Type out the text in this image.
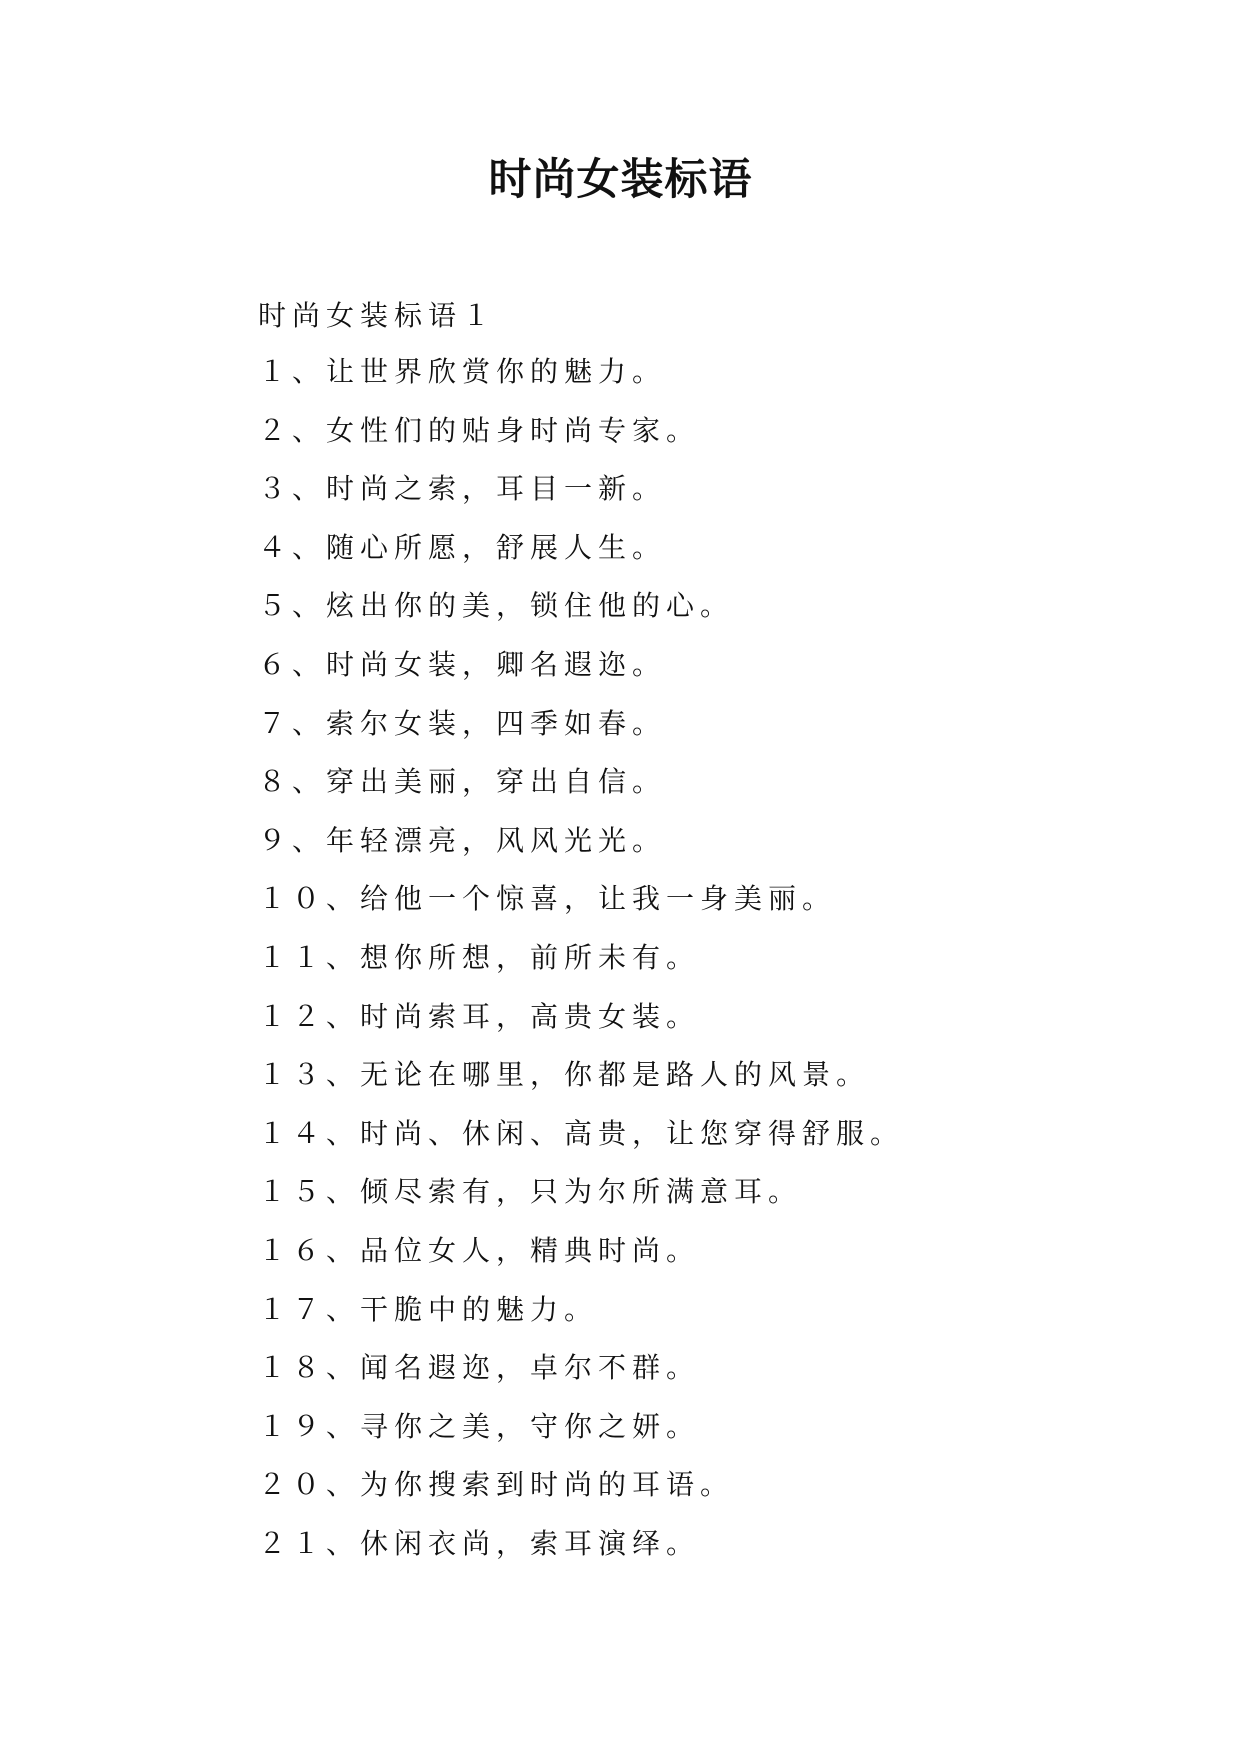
时尚女装标语
时尚女装标语１
１、让世界欣赏你的魅力。
２、女性们的贴身时尚专家。
３、时尚之索，耳目一新。
４、随心所愿，舒展人生。
５、炫出你的美，锁住他的心。
６、时尚女装，卿名遐迩。
７、索尔女装，四季如春。
８、穿出美丽，穿出自信。
９、年轻漂亮，风风光光。
１０、给他一个惊喜，让我一身美丽。
１１、想你所想，前所未有。
１２、时尚索耳，高贵女装。
１３、无论在哪里，你都是路人的风景。
１４、时尚、休闲、高贵，让您穿得舒服。
１５、倾尽索有，只为尔所满意耳。
１６、品位女人，精典时尚。
１７、干脆中的魅力。
１８、闻名遐迩，卓尔不群。
１９、寻你之美，守你之妍。
２０、为你搜索到时尚的耳语。
２１、休闲衣尚，索耳演绎。
